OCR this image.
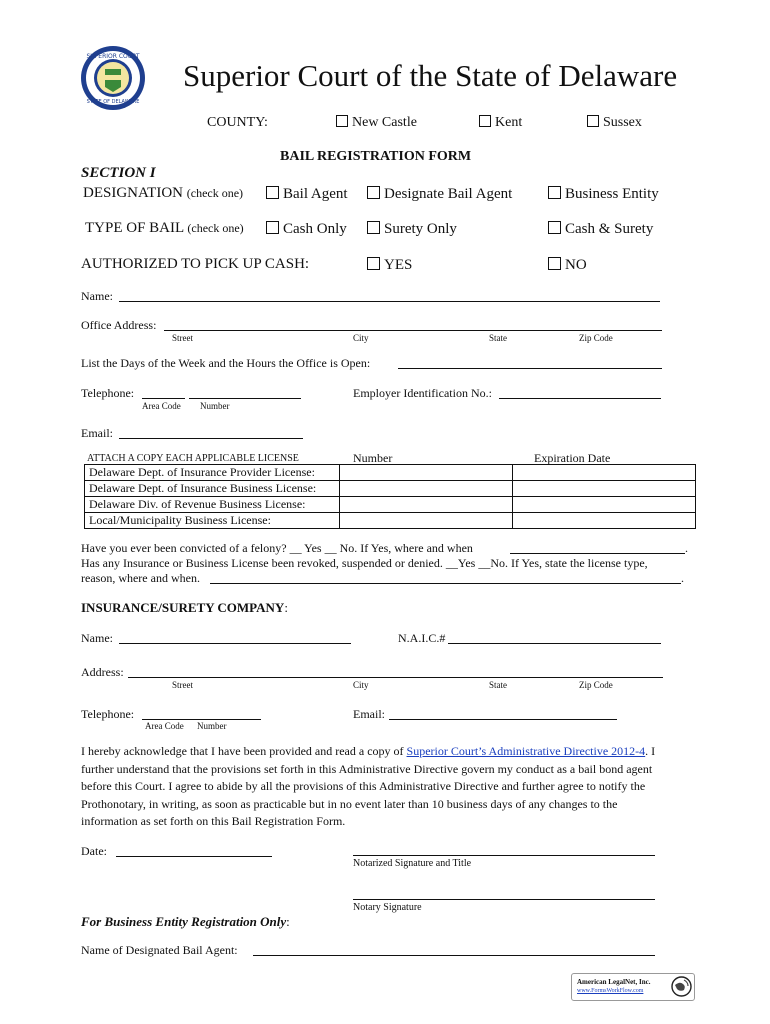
SUPERIOR COURT
STATE OF DELAWARE
Superior Court of the State of Delaware
COUNTY:	New Castle	Kent	Sussex
BAIL REGISTRATION FORM
SECTION I
DESIGNATION (check one)	Bail Agent	Designate Bail Agent	Business Entity
TYPE OF BAIL (check one)	Cash Only	Surety Only	Cash & Surety
AUTHORIZED TO PICK UP CASH:	YES	NO
Name:
Office Address:
Street	City	State	Zip Code
List the Days of the Week and the Hours the Office is Open:
Telephone:
Area Code Number
Employer Identification No.:
Email:
ATTACH A COPY EACH APPLICABLE LICENSE	Number	Expiration Date
Delaware Dept. of Insurance Provider License:		
Delaware Dept. of Insurance Business License:		
Delaware Div. of Revenue Business License:		
Local/Municipality Business License:		
Have you ever been convicted of a felony? __ Yes __ No. If Yes, where and when	.
Has any Insurance or Business License been revoked, suspended or denied. __Yes __No. If Yes, state the license type,
reason, where and when.	.
INSURANCE/SURETY COMPANY:
Name:	N.A.I.C.#
Address:
Street	City	State	Zip Code
Telephone:
Area Code Number
Email:
I hereby acknowledge that I have been provided and read a copy of Superior Court’s Administrative Directive 2012-4. I
further understand that the provisions set forth in this Administrative Directive govern my conduct as a bail bond agent
before this Court. I agree to abide by all the provisions of this Administrative Directive and further agree to notify the
Prothonotary, in writing, as soon as practicable but in no event later than 10 business days of any changes to the
information as set forth on this Bail Registration Form.
Date:
Notarized Signature and Title
Notary Signature
For Business Entity Registration Only:
Name of Designated Bail Agent:
American LegalNet, Inc.
www.FormsWorkFlow.com
